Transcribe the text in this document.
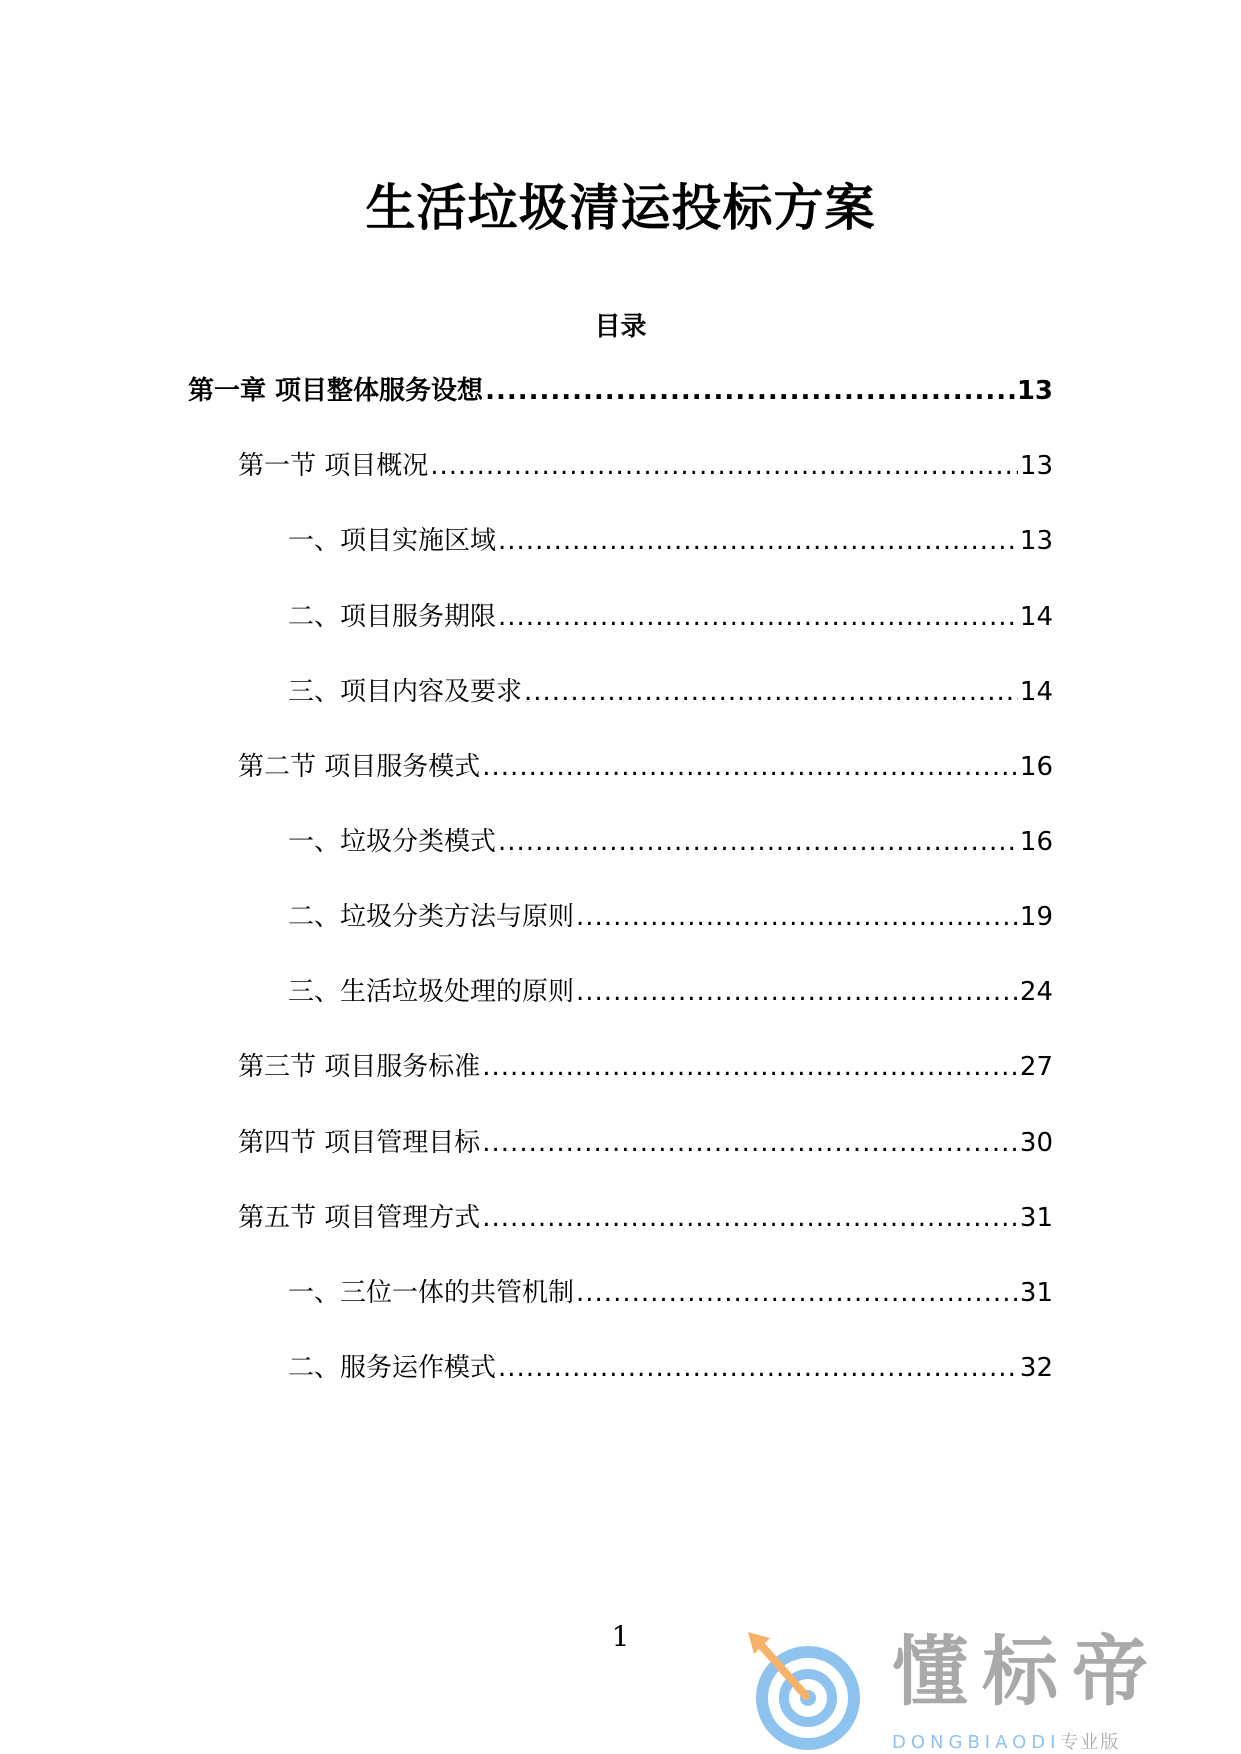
生活垃圾清运投标方案
目录
第一章 项目整体服务设想 .....	13
第一节 项目概况 .....	13
一、项目实施区域 .....	13
二、项目服务期限 .....	14
三、项目内容及要求 .....	14
第二节 项目服务模式 .....	16
一、垃圾分类模式 .....	16
二、垃圾分类方法与原则 .....	19
三、生活垃圾处理的原则 .....	24
第三节 项目服务标准 .....	27
第四节 项目管理目标 .....	30
第五节 项目管理方式 .....	31
一、三位一体的共管机制 .....	31
二、服务运作模式 .....	32
1	懂标帝
DONGBIAODI专业版
